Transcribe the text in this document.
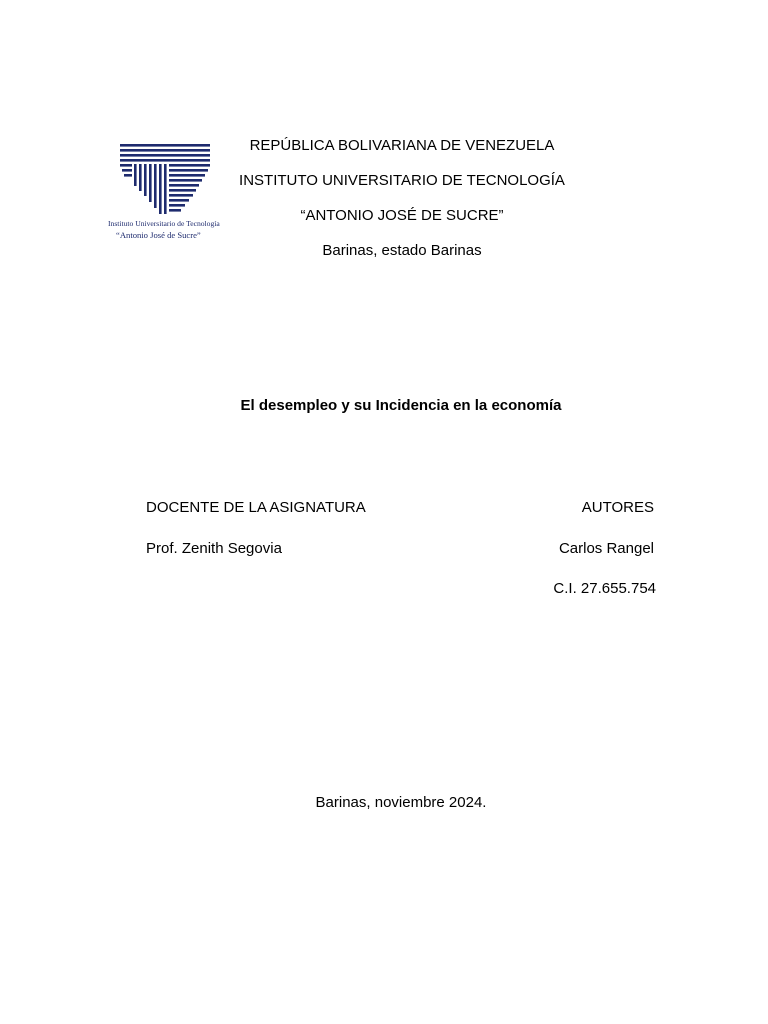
Instituto Universitario de Tecnología
“Antonio José de Sucre”
REPÚBLICA BOLIVARIANA DE VENEZUELA
INSTITUTO UNIVERSITARIO DE TECNOLOGÍA
“ANTONIO JOSÉ DE SUCRE”
Barinas, estado Barinas
El desempleo y su Incidencia en la economía
DOCENTE DE LA ASIGNATURA
Prof. Zenith Segovia
AUTORES
Carlos Rangel
C.I. 27.655.754
Barinas, noviembre 2024.
